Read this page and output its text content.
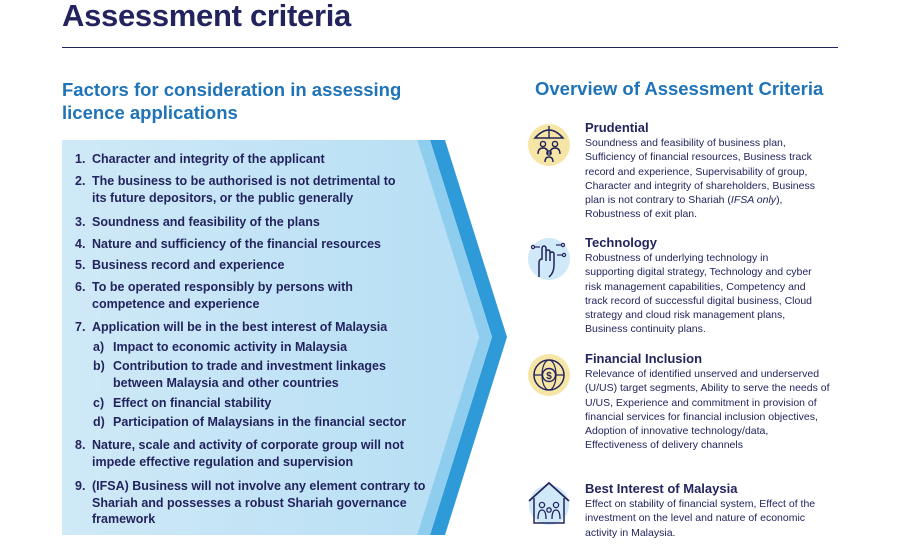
Assessment criteria
Factors for consideration in assessing licence applications
Overview of Assessment Criteria
1. Character and integrity of the applicant
2. The business to be authorised is not detrimental to its future depositors, or the public generally
3. Soundness and feasibility of the plans
4. Nature and sufficiency of the financial resources
5. Business record and experience
6. To be operated responsibly by persons with competence and experience
7. Application will be in the best interest of Malaysia
a) Impact to economic activity in Malaysia
b) Contribution to trade and investment linkages between Malaysia and other countries
c) Effect on financial stability
d) Participation of Malaysians in the financial sector
8. Nature, scale and activity of corporate group will not impede effective regulation and supervision
9. (IFSA) Business will not involve any element contrary to Shariah and possesses a robust Shariah governance framework
Prudential
Soundness and feasibility of business plan, Sufficiency of financial resources, Business track record and experience, Supervisability of group, Character and integrity of shareholders, Business plan is not contrary to Shariah (IFSA only), Robustness of exit plan.
Technology
Robustness of underlying technology in supporting digital strategy, Technology and cyber risk management capabilities, Competency and track record of successful digital business, Cloud strategy and cloud risk management plans, Business continuity plans.
$
Financial Inclusion
Relevance of identified unserved and underserved (U/US) target segments, Ability to serve the needs of U/US, Experience and commitment in provision of financial services for financial inclusion objectives, Adoption of innovative technology/data, Effectiveness of delivery channels
Best Interest of Malaysia
Effect on stability of financial system, Effect of the investment on the level and nature of economic activity in Malaysia.
